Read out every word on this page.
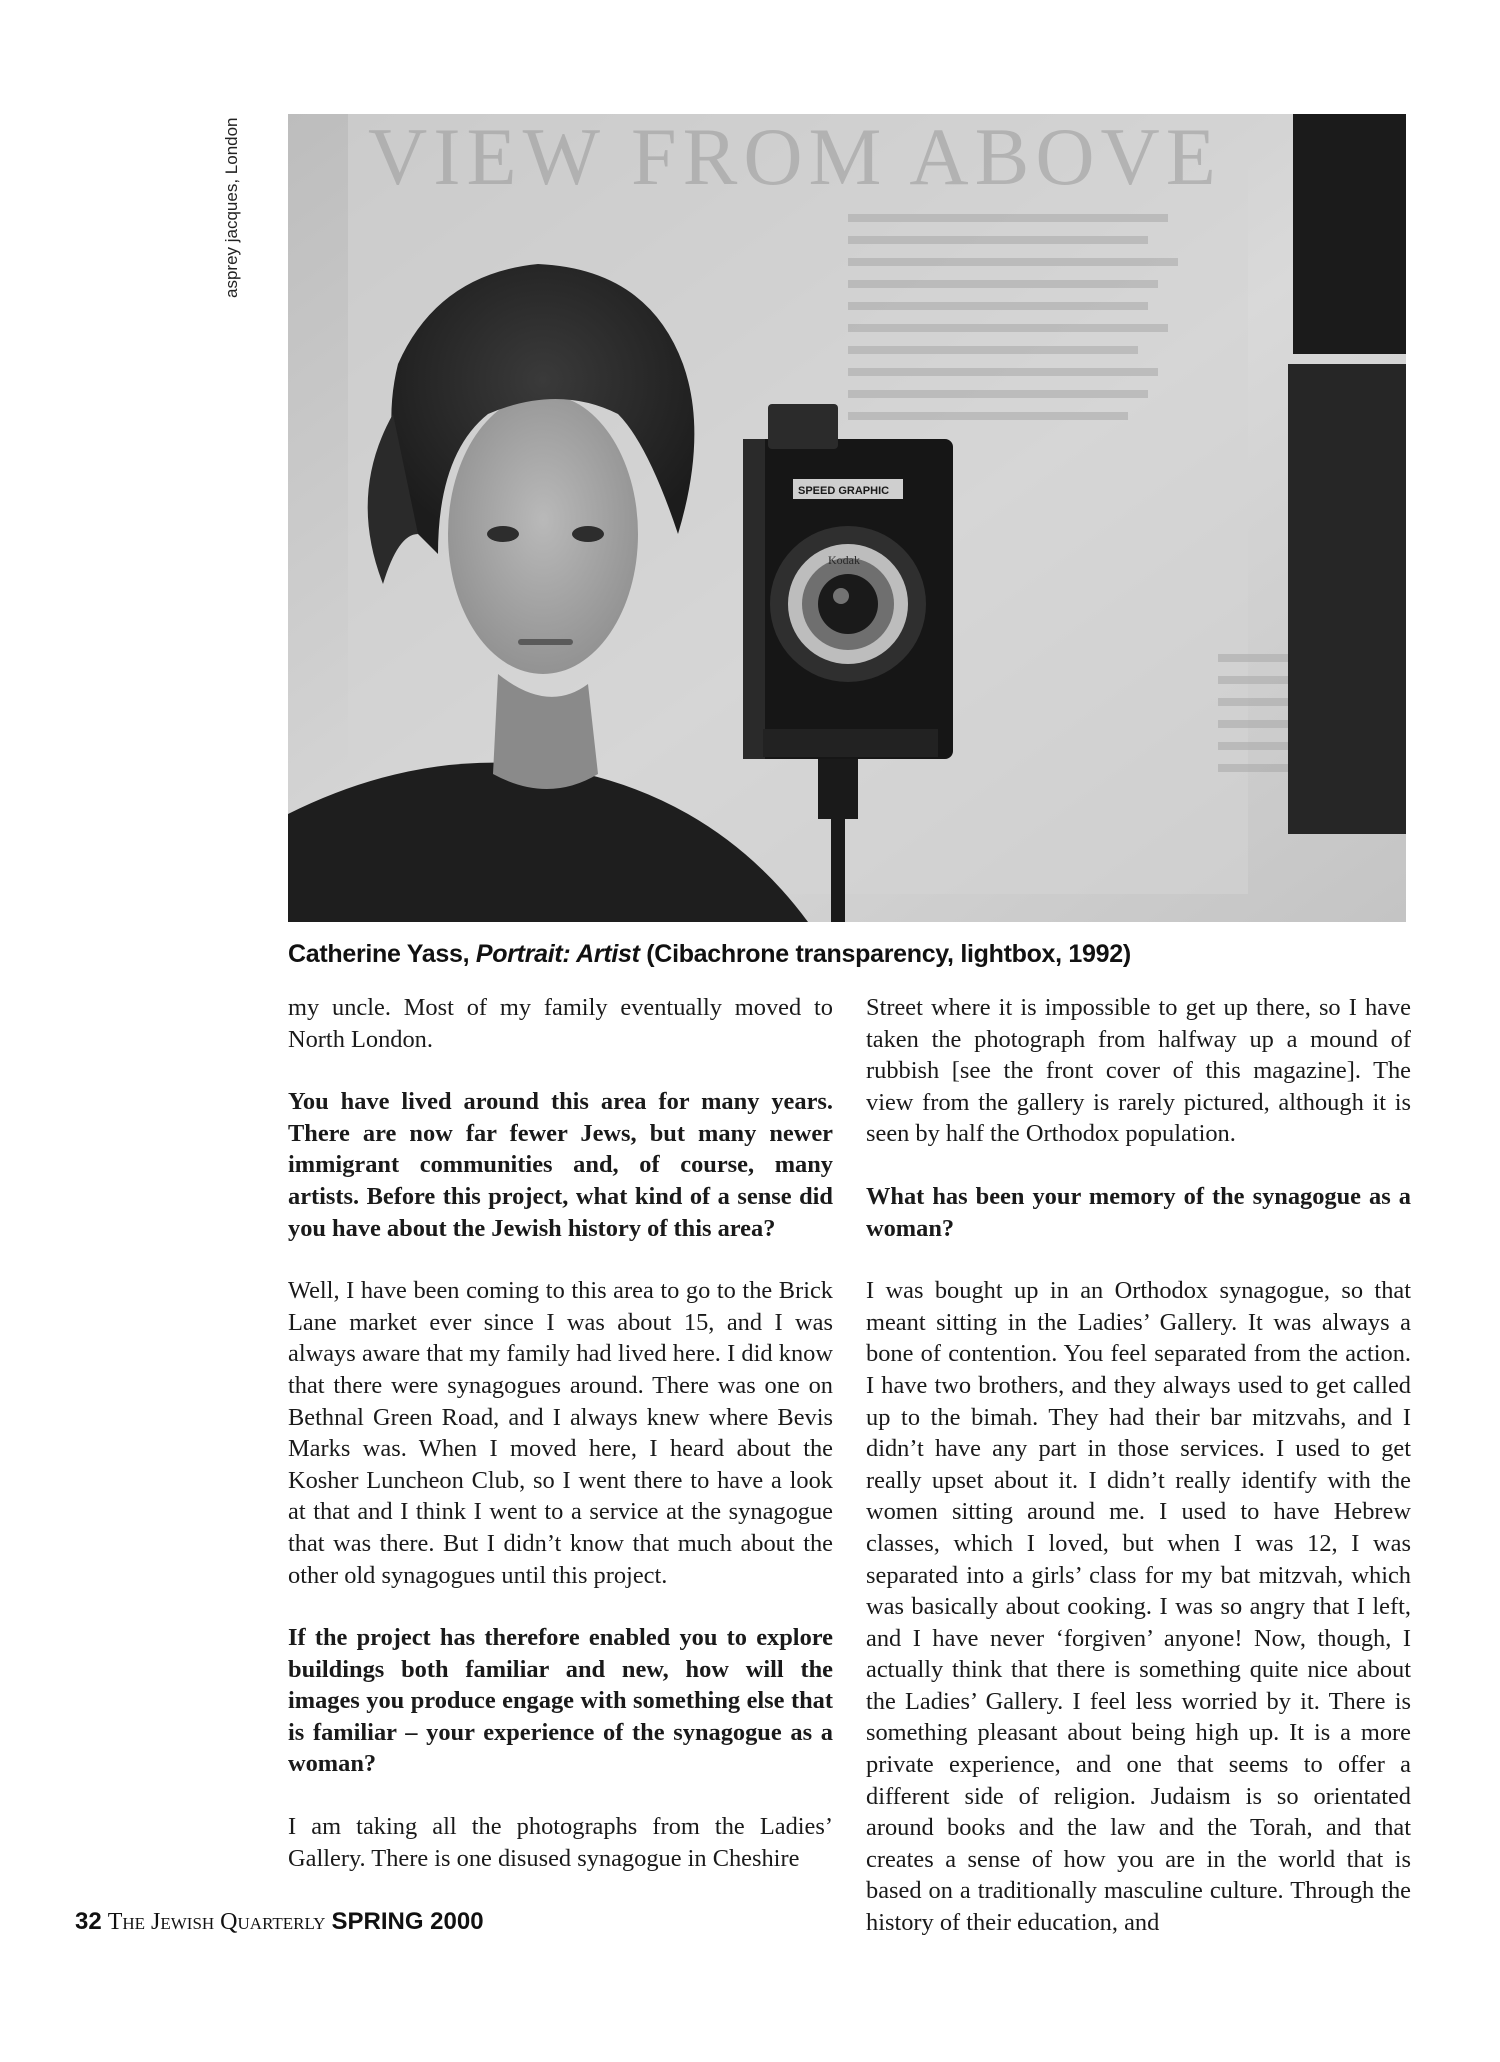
asprey jacques, London VIEW FROM ABOVE
SPEED GRAPHIC
Kodak
Catherine Yass, Portrait: Artist (Cibachrone transparency, lightbox, 1992)

my uncle. Most of my family eventually moved to North London.

You have lived around this area for many years. There are now far fewer Jews, but many newer immigrant communities and, of course, many artists. Before this project, what kind of a sense did you have about the Jewish history of this area?

Well, I have been coming to this area to go to the Brick Lane market ever since I was about 15, and I was always aware that my family had lived here. I did know that there were synagogues around. There was one on Bethnal Green Road, and I always knew where Bevis Marks was. When I moved here, I heard about the Kosher Luncheon Club, so I went there to have a look at that and I think I went to a service at the synagogue that was there. But I didn’t know that much about the other old synagogues until this project.

If the project has therefore enabled you to explore buildings both familiar and new, how will the images you produce engage with something else that is familiar – your experience of the synagogue as a woman?

I am taking all the photographs from the Ladies’ Gallery. There is one disused synagogue in Cheshire

Street where it is impossible to get up there, so I have taken the photograph from halfway up a mound of rubbish [see the front cover of this magazine]. The view from the gallery is rarely pictured, although it is seen by half the Orthodox population.

What has been your memory of the synagogue as a woman?

I was bought up in an Orthodox synagogue, so that meant sitting in the Ladies’ Gallery. It was always a bone of contention. You feel separated from the action. I have two brothers, and they always used to get called up to the bimah. They had their bar mitzvahs, and I didn’t have any part in those services. I used to get really upset about it. I didn’t really identify with the women sitting around me. I used to have Hebrew classes, which I loved, but when I was 12, I was separated into a girls’ class for my bat mitzvah, which was basically about cooking. I was so angry that I left, and I have never ‘forgiven’ anyone! Now, though, I actually think that there is something quite nice about the Ladies’ Gallery. I feel less worried by it. There is something pleasant about being high up. It is a more private experience, and one that seems to offer a different side of religion. Judaism is so orientated around books and the law and the Torah, and that creates a sense of how you are in the world that is based on a traditionally masculine culture. Through the history of their education, and

32 The Jewish Quarterly SPRING 2000
